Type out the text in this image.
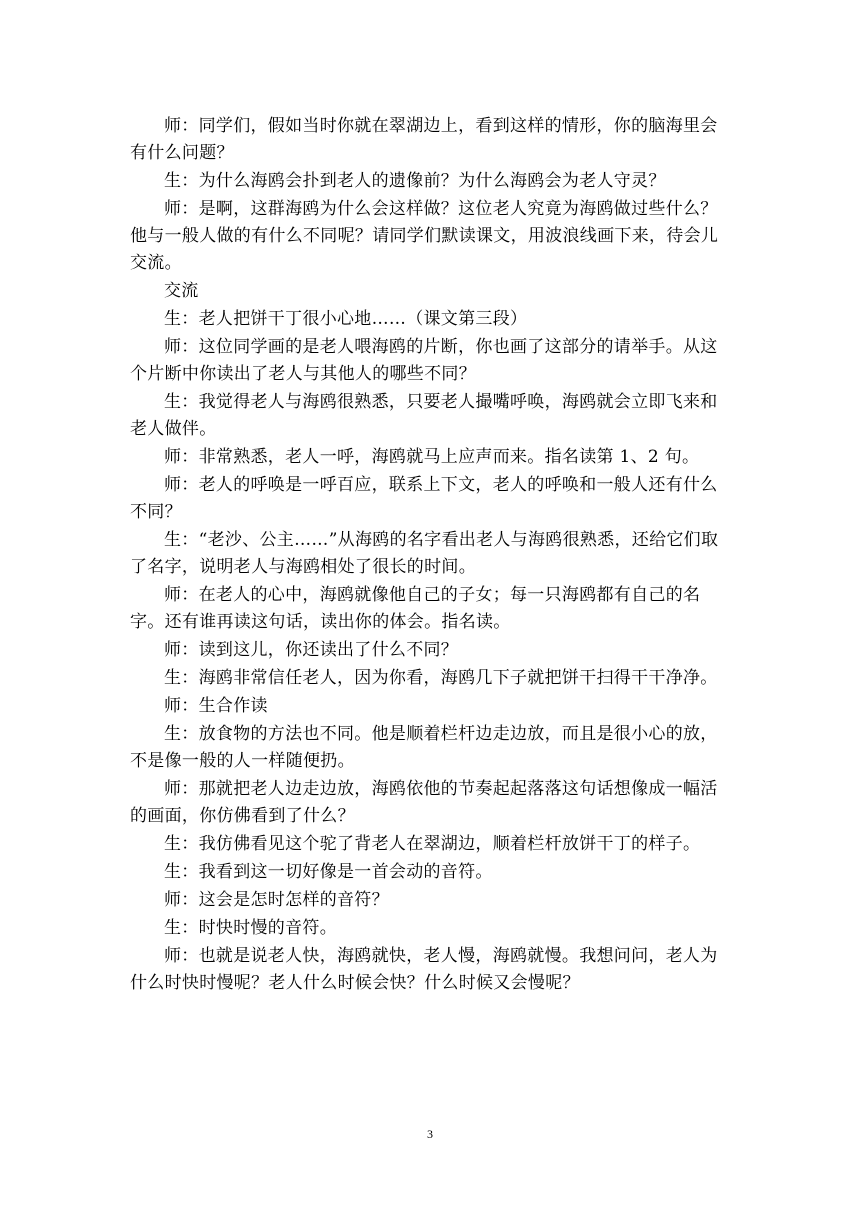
师：同学们，假如当时你就在翠湖边上，看到这样的情形，你的脑海里会有什么问题？

生：为什么海鸥会扑到老人的遗像前？为什么海鸥会为老人守灵？

师：是啊，这群海鸥为什么会这样做？这位老人究竟为海鸥做过些什么？他与一般人做的有什么不同呢？请同学们默读课文，用波浪线画下来，待会儿交流。

交流

生：老人把饼干丁很小心地……（课文第三段）

师：这位同学画的是老人喂海鸥的片断，你也画了这部分的请举手。从这个片断中你读出了老人与其他人的哪些不同？

生：我觉得老人与海鸥很熟悉，只要老人撮嘴呼唤，海鸥就会立即飞来和老人做伴。

师：非常熟悉，老人一呼，海鸥就马上应声而来。指名读第 1、2 句。

师：老人的呼唤是一呼百应，联系上下文，老人的呼唤和一般人还有什么不同？

生：“老沙、公主……”从海鸥的名字看出老人与海鸥很熟悉，还给它们取了名字，说明老人与海鸥相处了很长的时间。

师：在老人的心中，海鸥就像他自己的子女；每一只海鸥都有自己的名字。还有谁再读这句话，读出你的体会。指名读。

师：读到这儿，你还读出了什么不同？

生：海鸥非常信任老人，因为你看，海鸥几下子就把饼干扫得干干净净。

师：生合作读

生：放食物的方法也不同。他是顺着栏杆边走边放，而且是很小心的放，不是像一般的人一样随便扔。

师：那就把老人边走边放，海鸥依他的节奏起起落落这句话想像成一幅活的画面，你仿佛看到了什么？

生：我仿佛看见这个驼了背老人在翠湖边，顺着栏杆放饼干丁的样子。

生：我看到这一切好像是一首会动的音符。

师：这会是怎时怎样的音符？

生：时快时慢的音符。

师：也就是说老人快，海鸥就快，老人慢，海鸥就慢。我想问问，老人为什么时快时慢呢？老人什么时候会快？什么时候又会慢呢？

3
